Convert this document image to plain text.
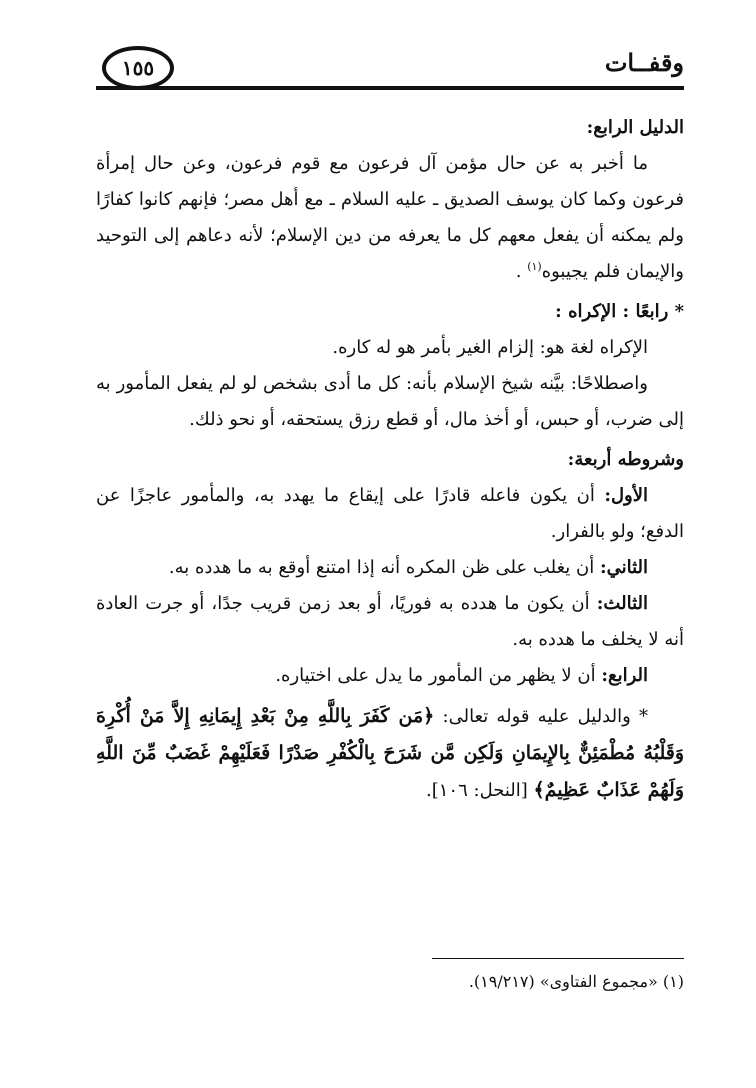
وقفــات
١٥٥

الدليل الرابع:

ما أخبر به عن حال مؤمن آل فرعون مع قوم فرعون، وعن حال إمرأة فرعون وكما كان يوسف الصديق ـ عليه السلام ـ مع أهل مصر؛ فإنهم كانوا كفارًا ولم يمكنه أن يفعل معهم كل ما يعرفه من دين الإسلام؛ لأنه دعاهم إلى التوحيد والإيمان فلم يجيبوه$^{(١)}$ .

* رابعًا : الإكراه :

الإكراه لغة هو: إلزام الغير بأمر هو له كاره.

واصطلاحًا: بيَّنه شيخ الإسلام بأنه: كل ما أدى بشخص لو لم يفعل المأمور به إلى ضرب، أو حبس، أو أخذ مال، أو قطع رزق يستحقه، أو نحو ذلك.

وشروطه أربعة:

الأول: أن يكون فاعله قادرًا على إيقاع ما يهدد به، والمأمور عاجزًا عن الدفع؛ ولو بالفرار.

الثاني: أن يغلب على ظن المكره أنه إذا امتنع أوقع به ما هدده به.

الثالث: أن يكون ما هدده به فوريًا، أو بعد زمن قريب جدًا، أو جرت العادة أنه لا يخلف ما هدده به.

الرابع: أن لا يظهر من المأمور ما يدل على اختياره.

* والدليل عليه قوله تعالى: ﴿مَن كَفَرَ بِاللَّهِ مِنْ بَعْدِ إِيمَانِهِ إِلاَّ مَنْ أُكْرِهَ وَقَلْبُهُ مُطْمَئِنٌّ بِالإِيمَانِ وَلَكِن مَّن شَرَحَ بِالْكُفْرِ صَدْرًا فَعَلَيْهِمْ غَضَبٌ مِّنَ اللَّهِ وَلَهُمْ عَذَابٌ عَظِيمٌ﴾ [النحل: ١٠٦].

(١) «مجموع الفتاوى» (١٩/٢١٧).
